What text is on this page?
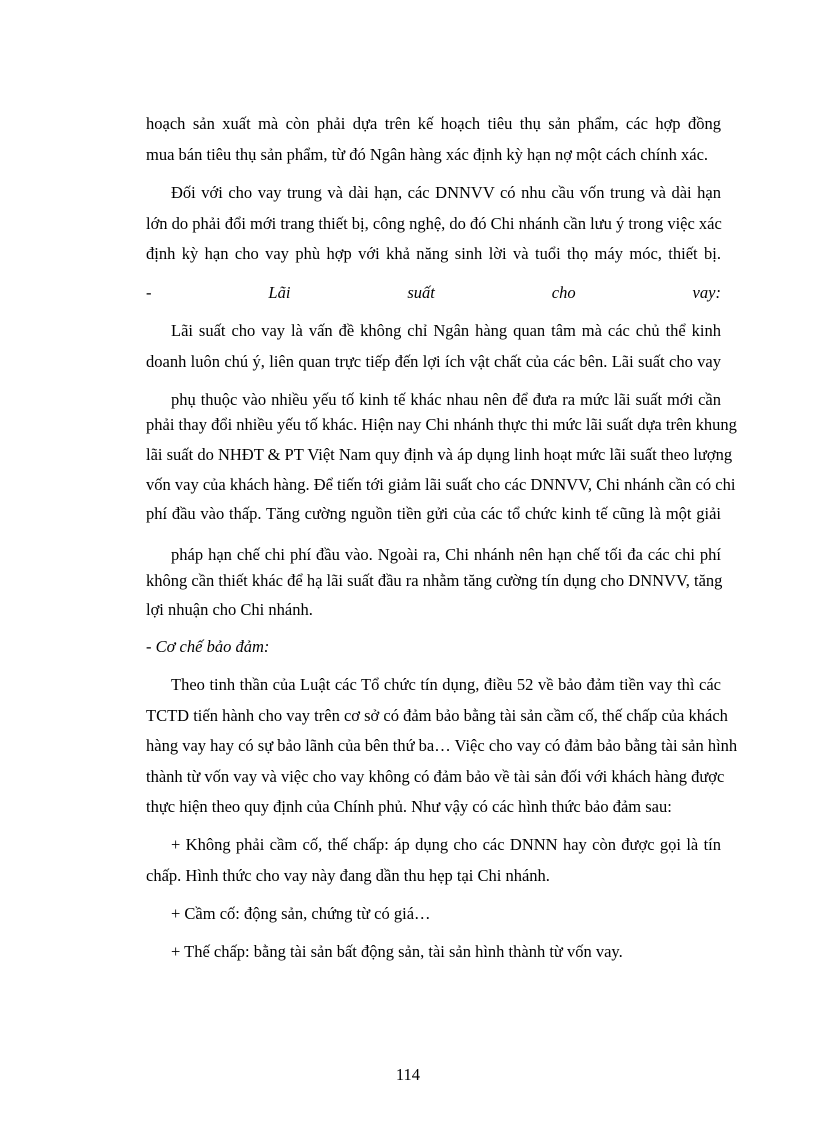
hoạch sản xuất mà còn phải dựa trên kế hoạch tiêu thụ sản phẩm, các hợp đồng
mua bán tiêu thụ sản phẩm, từ đó Ngân hàng xác định kỳ hạn nợ một cách chính xác.
Đối với cho vay trung và dài hạn, các DNNVV có nhu cầu vốn trung và dài hạn
lớn do phải đổi mới trang thiết bị, công nghệ, do đó Chi nhánh cần lưu ý trong việc xác
định kỳ hạn cho vay phù hợp với khả năng sinh lời và tuổi thọ máy móc, thiết bị.
-	Lãi	suất	cho	vay:
Lãi suất cho vay là vấn đề không chỉ Ngân hàng quan tâm mà các chủ thể kinh
doanh luôn chú ý, liên quan trực tiếp đến lợi ích vật chất của các bên. Lãi suất cho vay
phụ thuộc vào nhiều yếu tố kinh tế khác nhau nên để đưa ra mức lãi suất mới cần
phải thay đổi nhiều yếu tố khác. Hiện nay Chi nhánh thực thi mức lãi suất dựa trên khung
lãi suất do NHĐT & PT Việt Nam quy định và áp dụng linh hoạt mức lãi suất theo lượng
vốn vay của khách hàng. Để tiến tới giảm lãi suất cho các DNNVV, Chi nhánh cần có chi
phí đầu vào thấp. Tăng cường nguồn tiền gửi của các tổ chức kinh tế cũng là một giải
pháp hạn chế chi phí đầu vào. Ngoài ra, Chi nhánh nên hạn chế tối đa các chi phí
không cần thiết khác để hạ lãi suất đầu ra nhằm tăng cường tín dụng cho DNNVV, tăng
lợi nhuận cho Chi nhánh.
- Cơ chế bảo đảm:
Theo tinh thần của Luật các Tổ chức tín dụng, điều 52 về bảo đảm tiền vay thì các
TCTD tiến hành cho vay trên cơ sở có đảm bảo bằng tài sản cầm cố, thế chấp của khách
hàng vay hay có sự bảo lãnh của bên thứ ba… Việc cho vay có đảm bảo bằng tài sản hình
thành từ vốn vay và việc cho vay không có đảm bảo về tài sản đối với khách hàng được
thực hiện theo quy định của Chính phủ. Như vậy có các hình thức bảo đảm sau:
+ Không phải cầm cố, thế chấp: áp dụng cho các DNNN hay còn được gọi là tín
chấp. Hình thức cho vay này đang dần thu hẹp tại Chi nhánh.
+ Cầm cố: động sản, chứng từ có giá…
+ Thế chấp: bằng tài sản bất động sản, tài sản hình thành từ vốn vay.
114
